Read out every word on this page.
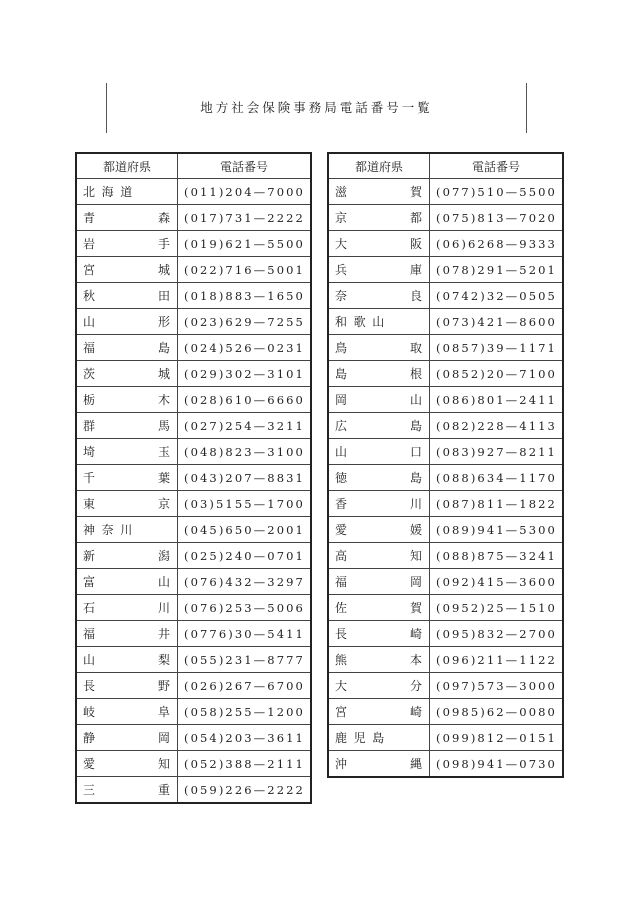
地方社会保険事務局電話番号一覧
都道府県	電話番号

北海道	(011)204—7000

青 森	(017)731—2222

岩 手	(019)621—5500

宮 城	(022)716—5001

秋 田	(018)883—1650

山 形	(023)629—7255

福 島	(024)526—0231

茨 城	(029)302—3101

栃 木	(028)610—6660

群 馬	(027)254—3211

埼 玉	(048)823—3100

千 葉	(043)207—8831

東 京	(03)5155—1700

神奈川	(045)650—2001

新 潟	(025)240—0701

富 山	(076)432—3297

石 川	(076)253—5006

福 井	(0776)30—5411

山 梨	(055)231—8777

長 野	(026)267—6700

岐 阜	(058)255—1200

静 岡	(054)203—3611

愛 知	(052)388—2111

三 重	(059)226—2222
都道府県	電話番号

滋 賀	(077)510—5500

京 都	(075)813—7020

大 阪	(06)6268—9333

兵 庫	(078)291—5201

奈 良	(0742)32—0505

和歌山	(073)421—8600

鳥 取	(0857)39—1171

島 根	(0852)20—7100

岡 山	(086)801—2411

広 島	(082)228—4113

山 口	(083)927—8211

徳 島	(088)634—1170

香 川	(087)811—1822

愛 媛	(089)941—5300

高 知	(088)875—3241

福 岡	(092)415—3600

佐 賀	(0952)25—1510

長 崎	(095)832—2700

熊 本	(096)211—1122

大 分	(097)573—3000

宮 崎	(0985)62—0080

鹿児島	(099)812—0151

沖 縄	(098)941—0730
